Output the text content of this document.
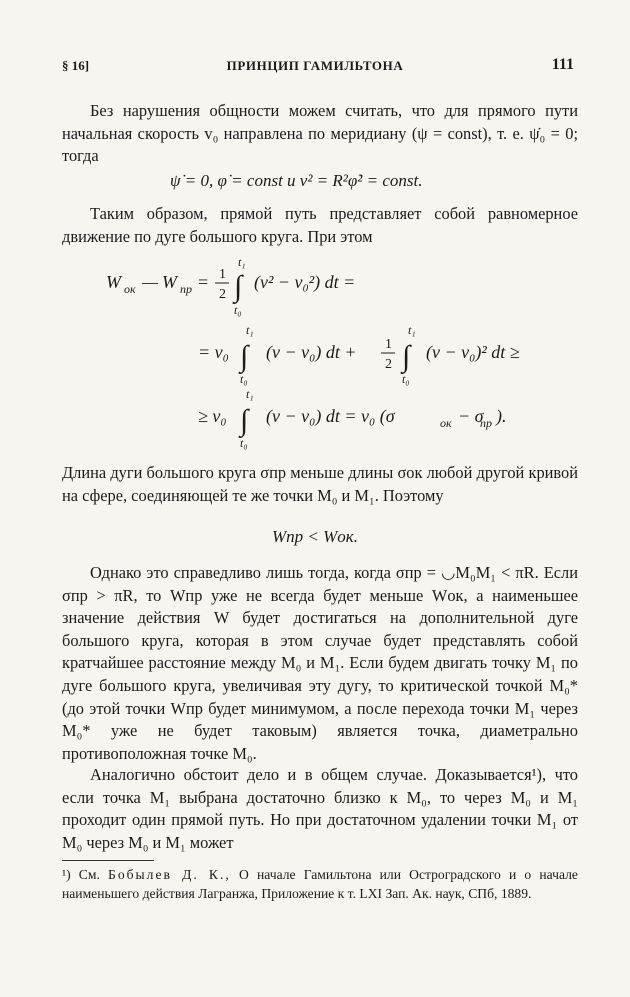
§ 16]	ПРИНЦИП ГАМИЛЬТОНА	111
Без нарушения общности можем считать, что для прямого пути начальная скорость v₀ направлена по меридиану (ψ = const), т. е. ψ̇₀ = 0; тогда
ψ̇ = 0, φ̇ = const и v² = R²φ̇² = const.
Таким образом, прямой путь представляет собой равномерное движение по дуге большого круга. При этом
W ок — W пр = 1
2 ∫
t₁
t₀
(v² − v₀²) dt =
= v₀ ∫
t₁
t₀
(v − v₀) dt + 1
2 ∫
t₁
t₀
(v − v₀)² dt ≥
≥ v₀ ∫
t₁
t₀
(v − v₀) dt = v₀ (σ	ок − σ
пр ).
Длина дуги большого круга σпр меньше длины σок любой другой кривой на сфере, соединяющей те же точки M₀ и M₁. Поэтому
Wпр < Wок.
Однако это справедливо лишь тогда, когда σпр = ◡M₀M₁ < πR. Если σпр > πR, то Wпр уже не всегда будет меньше Wок, а наименьшее значение действия W будет достигаться на дополнительной дуге большого круга, которая в этом случае будет представлять собой кратчайшее расстояние между M₀ и M₁. Если будем двигать точку M₁ по дуге большого круга, увеличивая эту дугу, то критической точкой M₀* (до этой точки Wпр будет минимумом, а после перехода точки M₁ через M₀* уже не будет таковым) является точка, диаметрально противоположная точке M₀.
Аналогично обстоит дело и в общем случае. Доказывается¹), что если точка M₁ выбрана достаточно близко к M₀, то через M₀ и M₁ проходит один прямой путь. Но при достаточном удалении точки M₁ от M₀ через M₀ и M₁ может
¹) См. Бобылев Д. К., О начале Гамильтона или Остроградского и о начале наименьшего действия Лагранжа, Приложение к т. LXI Зап. Ак. наук, СПб, 1889.
